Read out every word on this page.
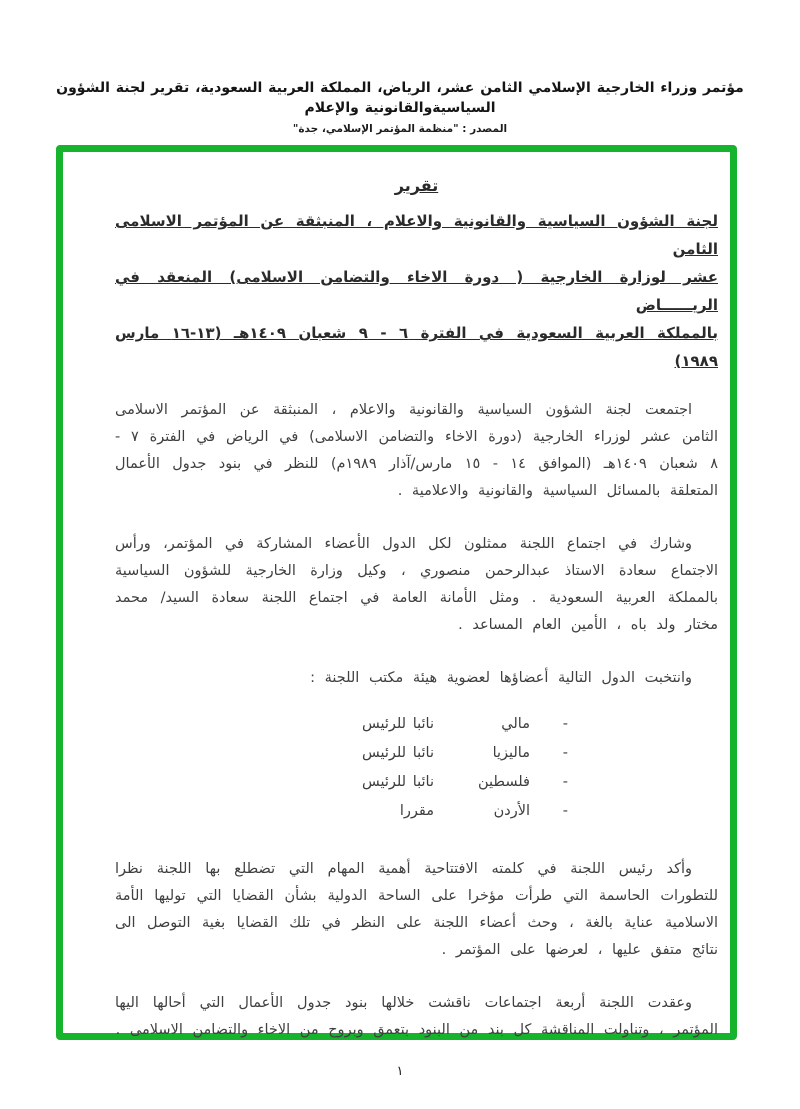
مؤتمر وزراء الخارجية الإسلامي الثامن عشر، الرياض، المملكة العربية السعودية، تقرير لجنة الشؤون السياسيةوالقانونية والإعلام
المصدر : "منظمة المؤتمر الإسلامي، جدة"
تقرير
لجنة الشؤون السياسية والقانونية والاعلام ، المنبثقة عن المؤتمر الاسلامى الثامن
عشر لوزارة الخارجية ( دورة الاخاء والتضامن الاسلامى) المنعقد في الريــــــاض
بالمملكة العربية السعودية في الفترة ٦ - ٩ شعبان ١٤٠٩هـ (١٣-١٦ مارس ١٩٨٩)

اجتمعت لجنة الشؤون السياسية والقانونية والاعلام ، المنبثقة عن المؤتمر الاسلامى الثامن عشر لوزراء الخارجية (دورة الاخاء والتضامن الاسلامى) في الرياض في الفترة ٧ - ٨ شعبان ١٤٠٩هـ (الموافق ١٤ - ١٥ مارس/آذار ١٩٨٩م) للنظر في بنود جدول الأعمال المتعلقة بالمسائل السياسية والقانونية والاعلامية .

وشارك في اجتماع اللجنة ممثلون لكل الدول الأعضاء المشاركة في المؤتمر، ورأس الاجتماع سعادة الاستاذ عبدالرحمن منصوري ، وكيل وزارة الخارجية للشؤون السياسية بالمملكة العربية السعودية . ومثل الأمانة العامة في اجتماع اللجنة سعادة السيد/ محمد مختار ولد باه ، الأمين العام المساعد .

وانتخبت الدول التالية أعضاؤها لعضوية هيئة مكتب اللجنة :

-
مالي
نائبا للرئيس
-
ماليزيا
نائبا للرئيس
-
فلسطين
نائبا للرئيس
-
الأردن
مقررا

وأكد رئيس اللجنة في كلمته الافتتاحية أهمية المهام التي تضطلع بها اللجنة نظرا للتطورات الحاسمة التي طرأت مؤخرا على الساحة الدولية بشأن القضايا التي توليها الأمة الاسلامية عناية بالغة ، وحث أعضاء اللجنة على النظر في تلك القضايا بغية التوصل الى نتائج متفق عليها ، لعرضها على المؤتمر .

وعقدت اللجنة أربعة اجتماعات ناقشت خلالها بنود جدول الأعمال التي أحالها اليها المؤتمر ، وتناولت المناقشة كل بند من البنود بتعمق وبروح من الاخاء والتضامن الاسلامى .

١
